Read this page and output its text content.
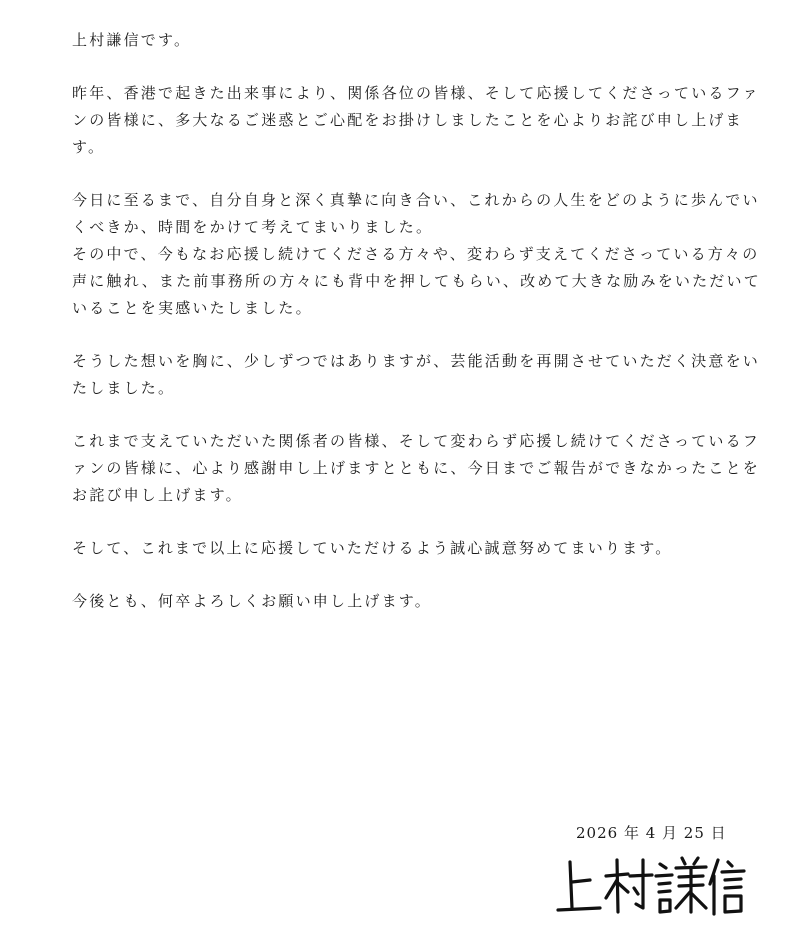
上村謙信です。
昨年、香港で起きた出来事により、関係各位の皆様、そして応援してくださっているファ
ンの皆様に、多大なるご迷惑とご心配をお掛けしましたことを心よりお詫び申し上げま
す。
今日に至るまで、自分自身と深く真摯に向き合い、これからの人生をどのように歩んでい
くべきか、時間をかけて考えてまいりました。
その中で、今もなお応援し続けてくださる方々や、変わらず支えてくださっている方々の
声に触れ、また前事務所の方々にも背中を押してもらい、改めて大きな励みをいただいて
いることを実感いたしました。
そうした想いを胸に、少しずつではありますが、芸能活動を再開させていただく決意をい
たしました。
これまで支えていただいた関係者の皆様、そして変わらず応援し続けてくださっているフ
ァンの皆様に、心より感謝申し上げますとともに、今日までご報告ができなかったことを
お詫び申し上げます。
そして、これまで以上に応援していただけるよう誠心誠意努めてまいります。
今後とも、何卒よろしくお願い申し上げます。
2026 年 4 月 25 日
